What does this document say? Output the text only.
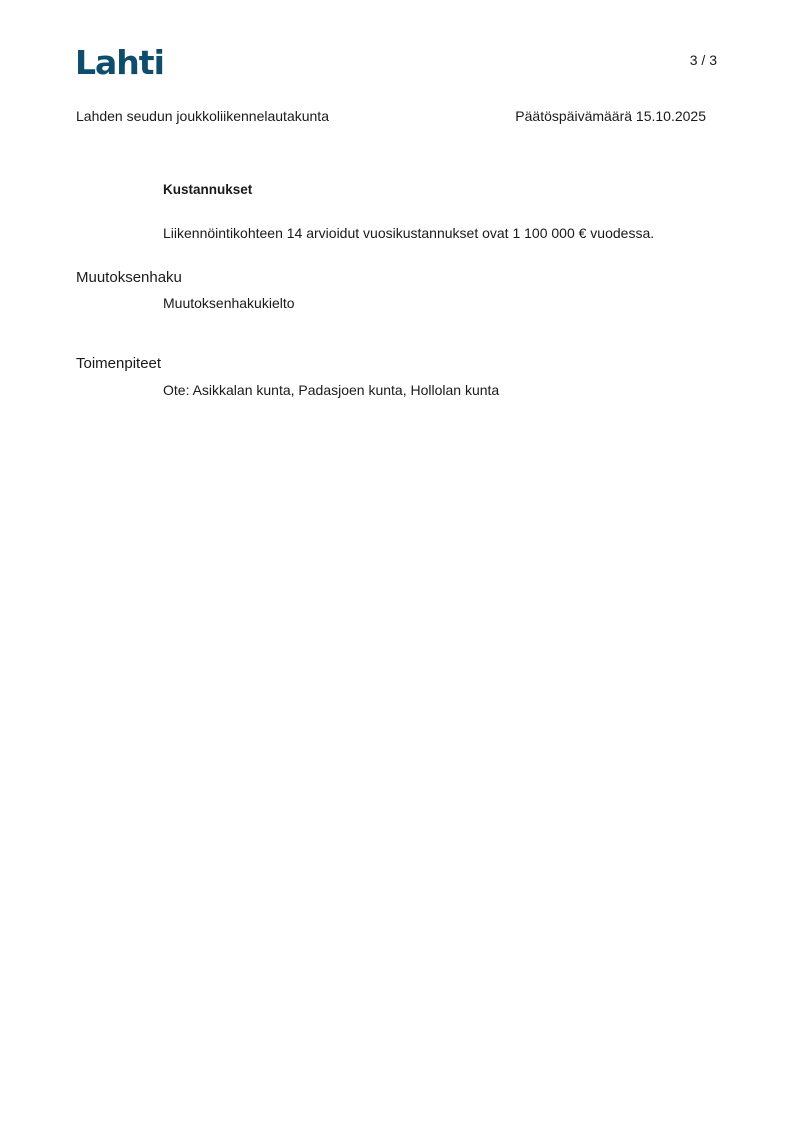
Lahti	3 / 3
Lahden seudun joukkoliikennelautakunta	Päätöspäivämäärä 15.10.2025
Kustannukset
Liikennöintikohteen 14 arvioidut vuosikustannukset ovat 1 100 000 € vuodessa.
Muutoksenhaku
Muutoksenhakukielto
Toimenpiteet
Ote: Asikkalan kunta, Padasjoen kunta, Hollolan kunta
